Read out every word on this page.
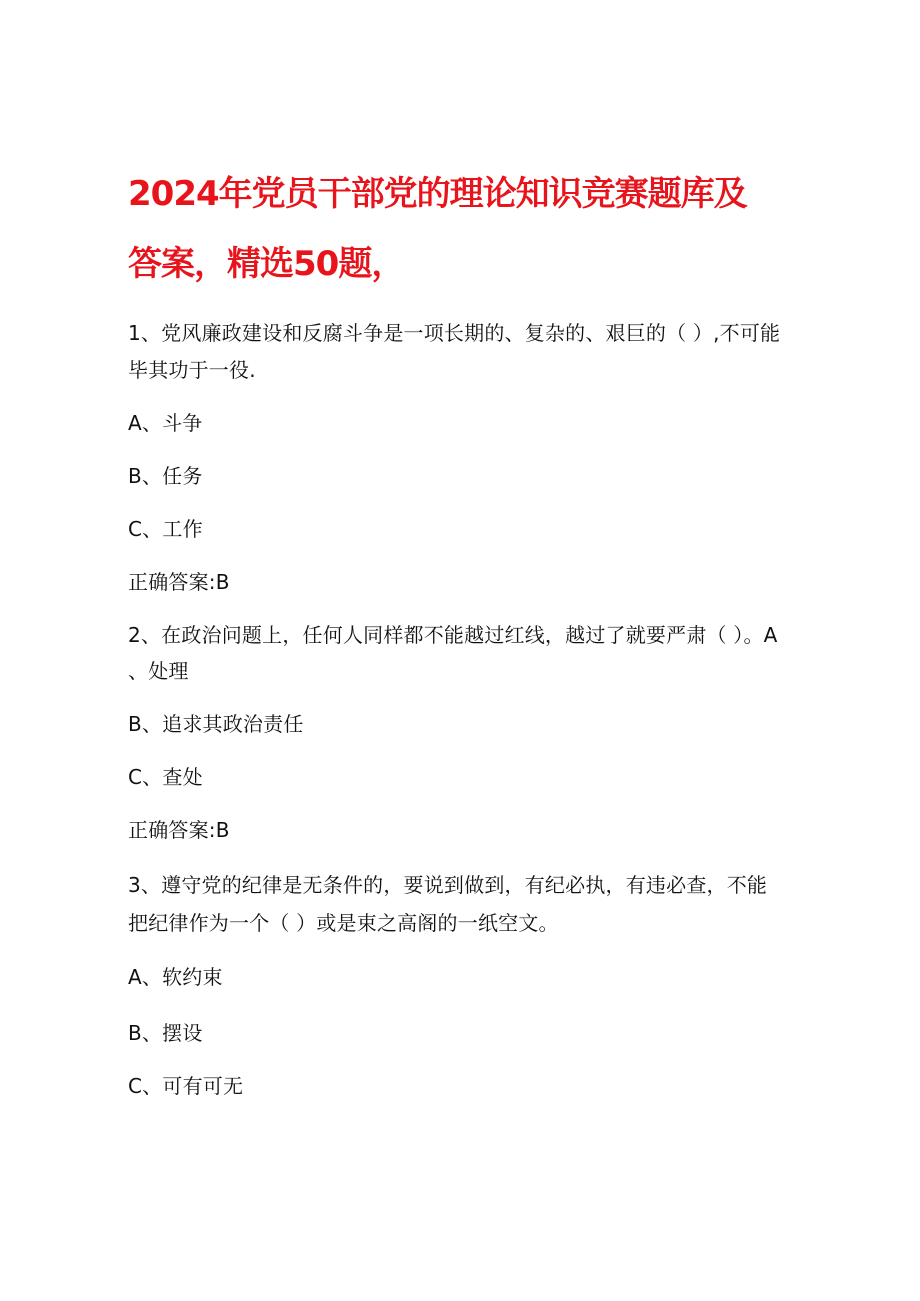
2024年党员干部党的理论知识竞赛题库及
答案，精选50题，
1、党风廉政建设和反腐斗争是一项长期的、复杂的、艰巨的（ ）,不可能
毕其功于一役.
A、斗争
B、任务
C、工作
正确答案:B
2、在政治问题上，任何人同样都不能越过红线，越过了就要严肃（ ）。A
、处理
B、追求其政治责任
C、查处
正确答案:B
3、遵守党的纪律是无条件的，要说到做到，有纪必执，有违必查，不能
把纪律作为一个（ ）或是束之高阁的一纸空文。
A、软约束
B、摆设
C、可有可无
